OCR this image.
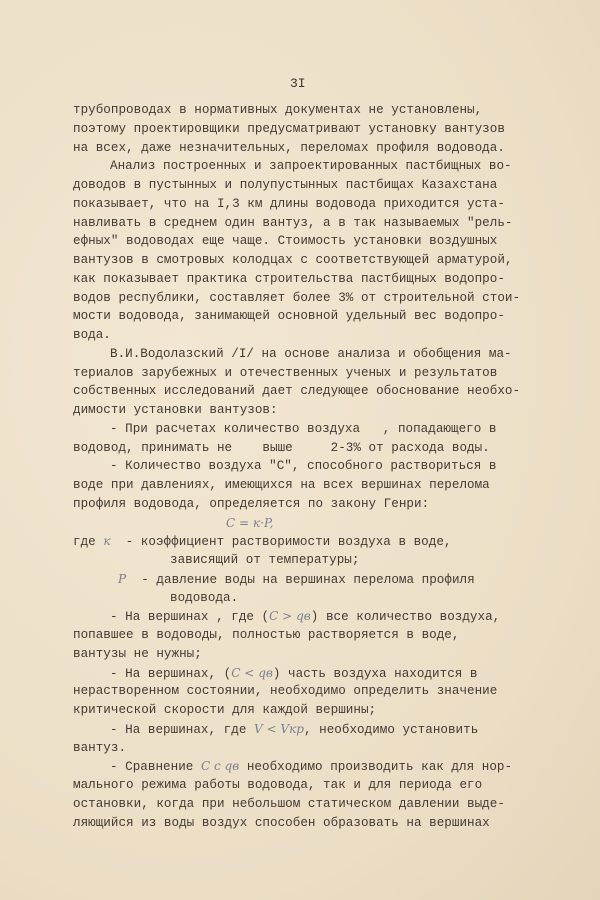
3I
трубопроводах в нормативных документах не установлены,
поэтому проектировщики предусматривают установку вантузов
на всех, даже незначительных, переломах профиля водовода.
Анализ построенных и запроектированных пастбищных во-
доводов в пустынных и полупустынных пастбищах Казахстана
показывает, что на I,3 км длины водовода приходится уста-
навливать в среднем один вантуз, а в так называемых "рель-
ефных" водоводах еще чаще. Стоимость установки воздушных
вантузов в смотровых колодцах с соответствующей арматурой,
как показывает практика строительства пастбищных водопро-
водов республики, составляет более 3% от строительной стои-
мости водовода, занимающей основной удельный вес водопро-
вода.
В.И.Водолазский /I/ на основе анализа и обобщения ма-
териалов зарубежных и отечественных ученых и результатов
собственных исследований дает следующее обоснование необхо-
димости установки вантузов:
- При расчетах количество воздуха   , попадающего в
водовод, принимать не    выше     2-3% от расхода воды.
- Количество воздуха "С", способного раствориться в
воде при давлениях, имеющихся на всех вершинах перелома
профиля водовода, определяется по закону Генри:
C = к·P,
где к  - коэффициент растворимости воздуха в воде,
зависящий от температуры;
P  - давление воды на вершинах перелома профиля
водовода.
- На вершинах , где (C > qв) все количество воздуха,
попавшее в водоводы, полностью растворяется в воде,
вантузы не нужны;
- На вершинах, (C < qв) часть воздуха находится в
нерастворенном состоянии, необходимо определить значение
критической скорости для каждой вершины;
- На вершинах, где V < Vкр, необходимо установить
вантуз.
- Сравнение C с qв необходимо производить как для нор-
мального режима работы водовода, так и для периода его
остановки, когда при небольшом статическом давлении выде-
ляющийся из воды воздух способен образовать на вершинах
